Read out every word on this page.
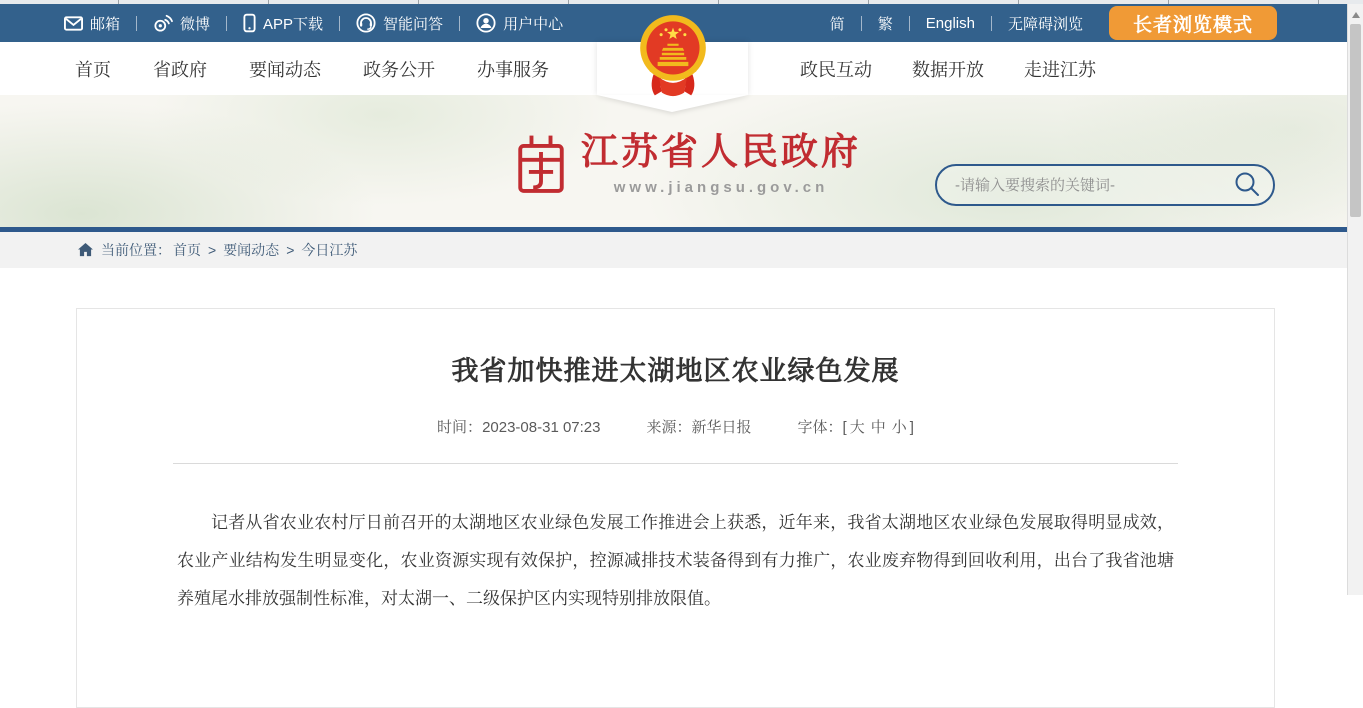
邮箱	微博	APP下载	智能问答	用户中心	简 繁 English 无障碍浏览	长者浏览模式
首页 省政府 要闻动态 政务公开 办事服务	政民互动 数据开放 走进江苏
江苏省人民政府
www.jiangsu.gov.cn
-请输入要搜索的关键词-
当前位置： 首页 > 要闻动态 > 今日江苏
我省加快推进太湖地区农业绿色发展
时间：2023-08-31 07:23	来源：新华日报	字体：[ 大 中 小 ]

记者从省农业农村厅日前召开的太湖地区农业绿色发展工作推进会上获悉，近年来，我省太湖地区农业绿色发展取得明显成效，农业产业结构发生明显变化，农业资源实现有效保护，控源减排技术装备得到有力推广，农业废弃物得到回收利用，出台了我省池塘养殖尾水排放强制性标准，对太湖一、二级保护区内实现特别排放限值。
